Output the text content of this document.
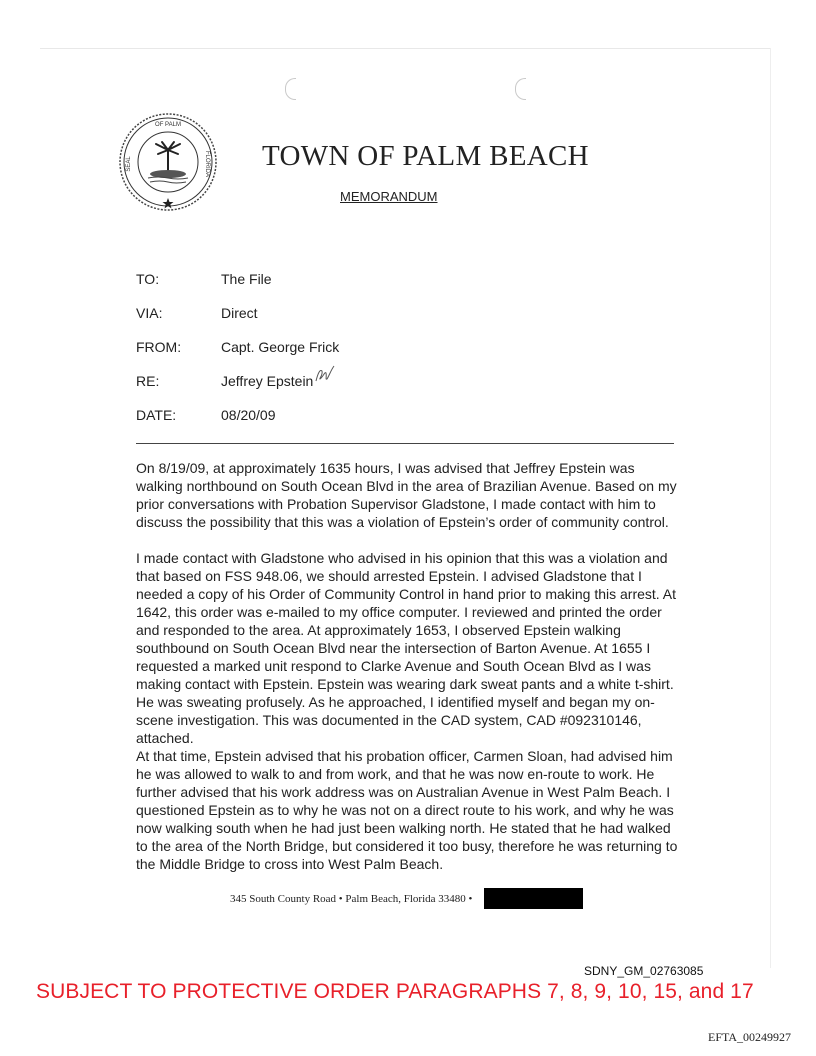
OF PALM
SEAL	FLORIDA TOWN OF PALM BEACH
MEMORANDUM
TO:	The File
VIA:	Direct
FROM:	Capt. George Frick
RE:	Jeffrey Epstein
DATE:	08/20/09

On 8/19/09, at approximately 1635 hours, I was advised that Jeffrey Epstein was walking northbound on South Ocean Blvd in the area of Brazilian Avenue. Based on my prior conversations with Probation Supervisor Gladstone, I made contact with him to discuss the possibility that this was a violation of Epstein’s order of community control.

I made contact with Gladstone who advised in his opinion that this was a violation and that based on FSS 948.06, we should arrested Epstein. I advised Gladstone that I needed a copy of his Order of Community Control in hand prior to making this arrest. At 1642, this order was e-mailed to my office computer. I reviewed and printed the order and responded to the area. At approximately 1653, I observed Epstein walking southbound on South Ocean Blvd near the intersection of Barton Avenue. At 1655 I requested a marked unit respond to Clarke Avenue and South Ocean Blvd as I was making contact with Epstein. Epstein was wearing dark sweat pants and a white t-shirt. He was sweating profusely. As he approached, I identified myself and began my on-scene investigation. This was documented in the CAD system, CAD #092310146, attached.

At that time, Epstein advised that his probation officer, Carmen Sloan, had advised him he was allowed to walk to and from work, and that he was now en-route to work. He further advised that his work address was on Australian Avenue in West Palm Beach. I questioned Epstein as to why he was not on a direct route to his work, and why he was now walking south when he had just been walking north. He stated that he had walked to the area of the North Bridge, but considered it too busy, therefore he was returning to the Middle Bridge to cross into West Palm Beach.

345 South County Road • Palm Beach, Florida 33480 •
SDNY_GM_02763085
SUBJECT TO PROTECTIVE ORDER PARAGRAPHS 7, 8, 9, 10, 15, and 17
EFTA_00249927
